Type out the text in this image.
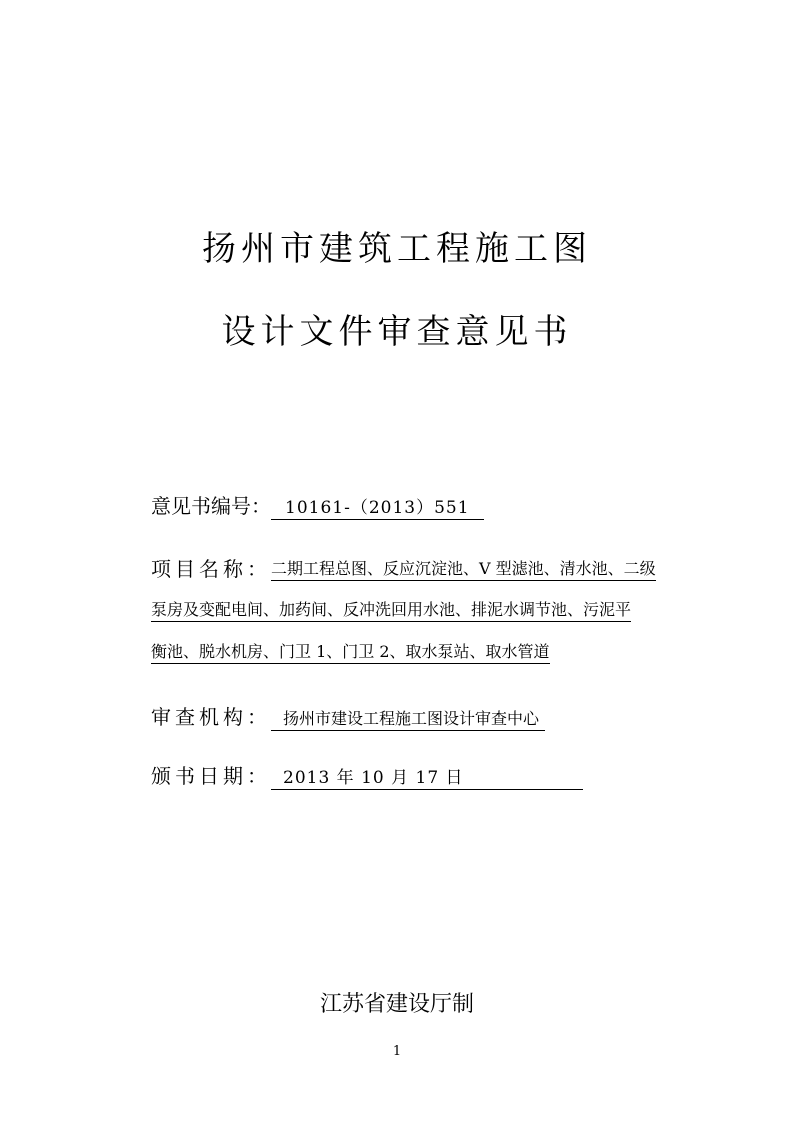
扬州市建筑工程施工图
设计文件审查意见书
意见书编号： 10161-（2013）551
项目名称： 二期工程总图、反应沉淀池、V 型滤池、清水池、二级
泵房及变配电间、加药间、反冲洗回用水池、排泥水调节池、污泥平
衡池、脱水机房、门卫 1、门卫 2、取水泵站、取水管道
审查机构： 扬州市建设工程施工图设计审查中心
颁书日期： 2013 年 10 月 17 日
江苏省建设厅制
1
